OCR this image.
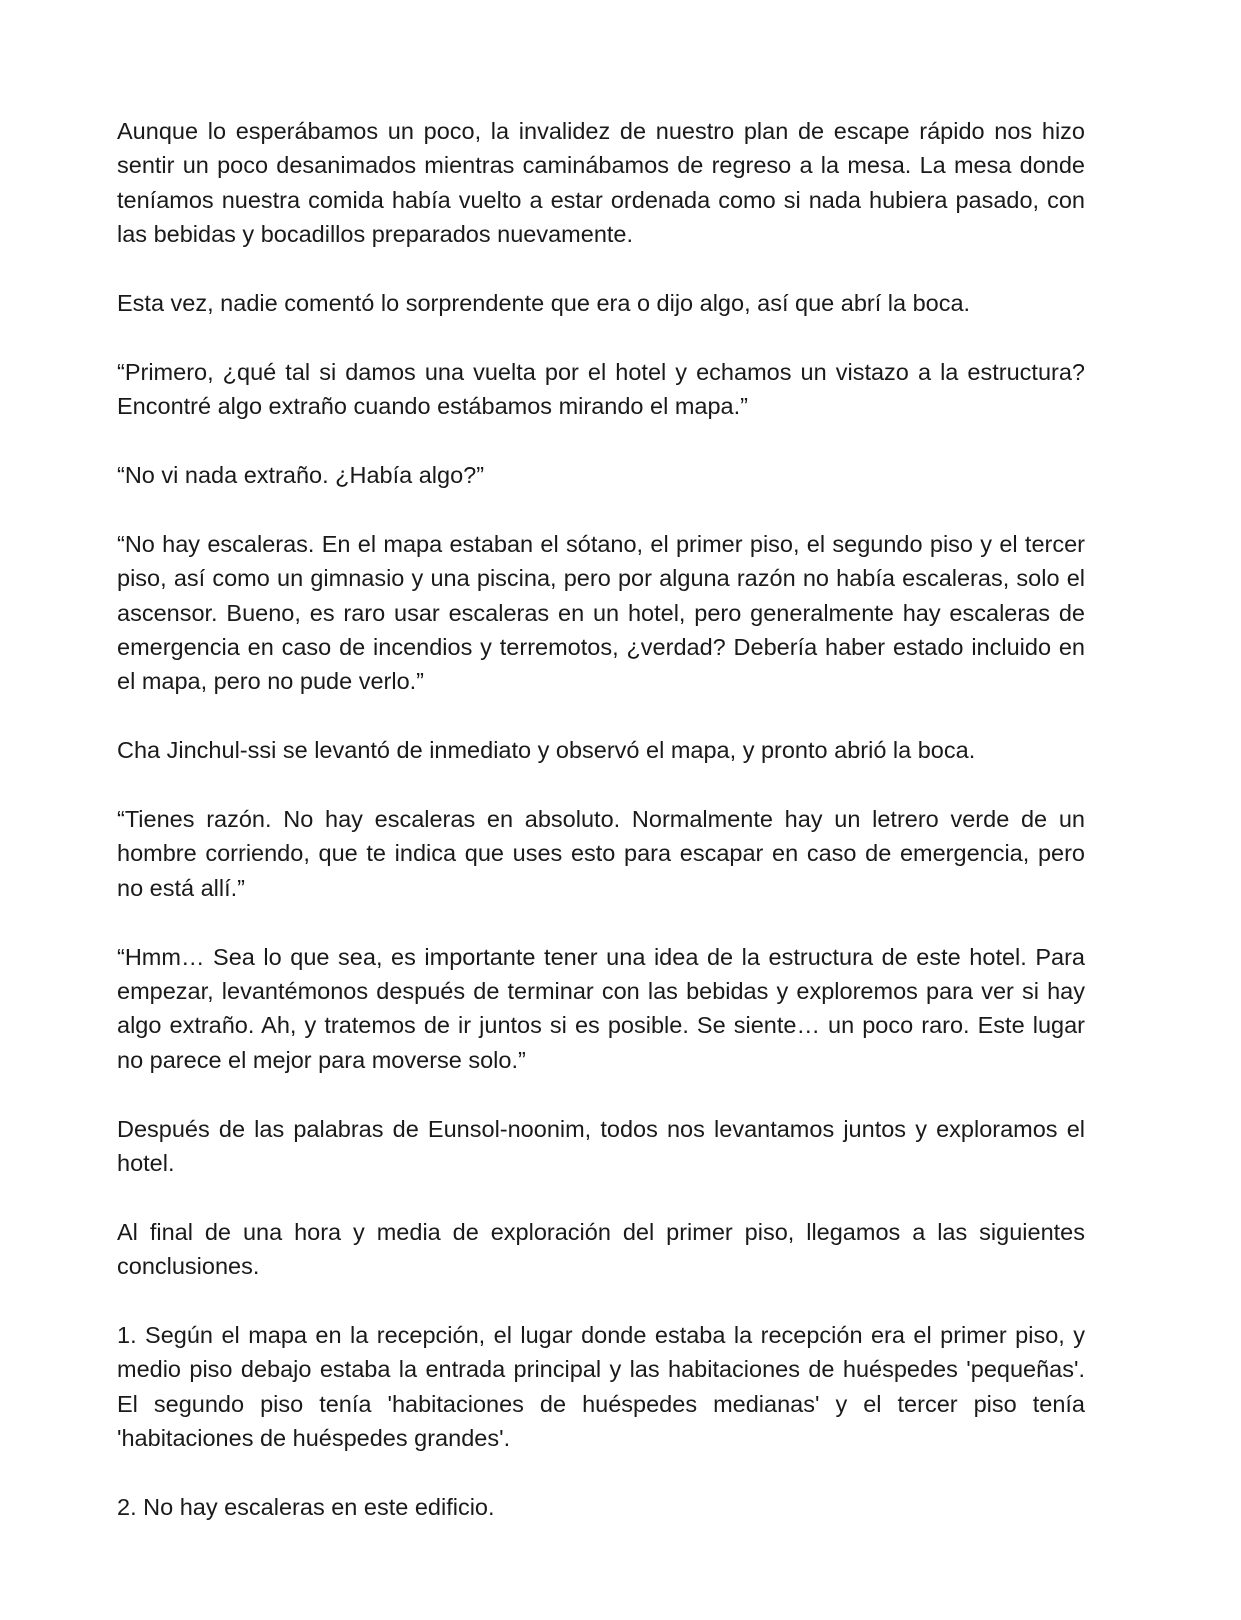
Aunque lo esperábamos un poco, la invalidez de nuestro plan de escape rápido nos hizo sentir un poco desanimados mientras caminábamos de regreso a la mesa. La mesa donde teníamos nuestra comida había vuelto a estar ordenada como si nada hubiera pasado, con las bebidas y bocadillos preparados nuevamente.

Esta vez, nadie comentó lo sorprendente que era o dijo algo, así que abrí la boca.

“Primero, ¿qué tal si damos una vuelta por el hotel y echamos un vistazo a la estructura? Encontré algo extraño cuando estábamos mirando el mapa.”

“No vi nada extraño. ¿Había algo?”

“No hay escaleras. En el mapa estaban el sótano, el primer piso, el segundo piso y el tercer piso, así como un gimnasio y una piscina, pero por alguna razón no había escaleras, solo el ascensor. Bueno, es raro usar escaleras en un hotel, pero generalmente hay escaleras de emergencia en caso de incendios y terremotos, ¿verdad? Debería haber estado incluido en el mapa, pero no pude verlo.”

Cha Jinchul-ssi se levantó de inmediato y observó el mapa, y pronto abrió la boca.

“Tienes razón. No hay escaleras en absoluto. Normalmente hay un letrero verde de un hombre corriendo, que te indica que uses esto para escapar en caso de emergencia, pero no está allí.”

“Hmm… Sea lo que sea, es importante tener una idea de la estructura de este hotel. Para empezar, levantémonos después de terminar con las bebidas y exploremos para ver si hay algo extraño. Ah, y tratemos de ir juntos si es posible. Se siente… un poco raro. Este lugar no parece el mejor para moverse solo.”

Después de las palabras de Eunsol-noonim, todos nos levantamos juntos y exploramos el hotel.

Al final de una hora y media de exploración del primer piso, llegamos a las siguientes conclusiones.

1. Según el mapa en la recepción, el lugar donde estaba la recepción era el primer piso, y medio piso debajo estaba la entrada principal y las habitaciones de huéspedes 'pequeñas'. El segundo piso tenía 'habitaciones de huéspedes medianas' y el tercer piso tenía 'habitaciones de huéspedes grandes'.

2. No hay escaleras en este edificio.
